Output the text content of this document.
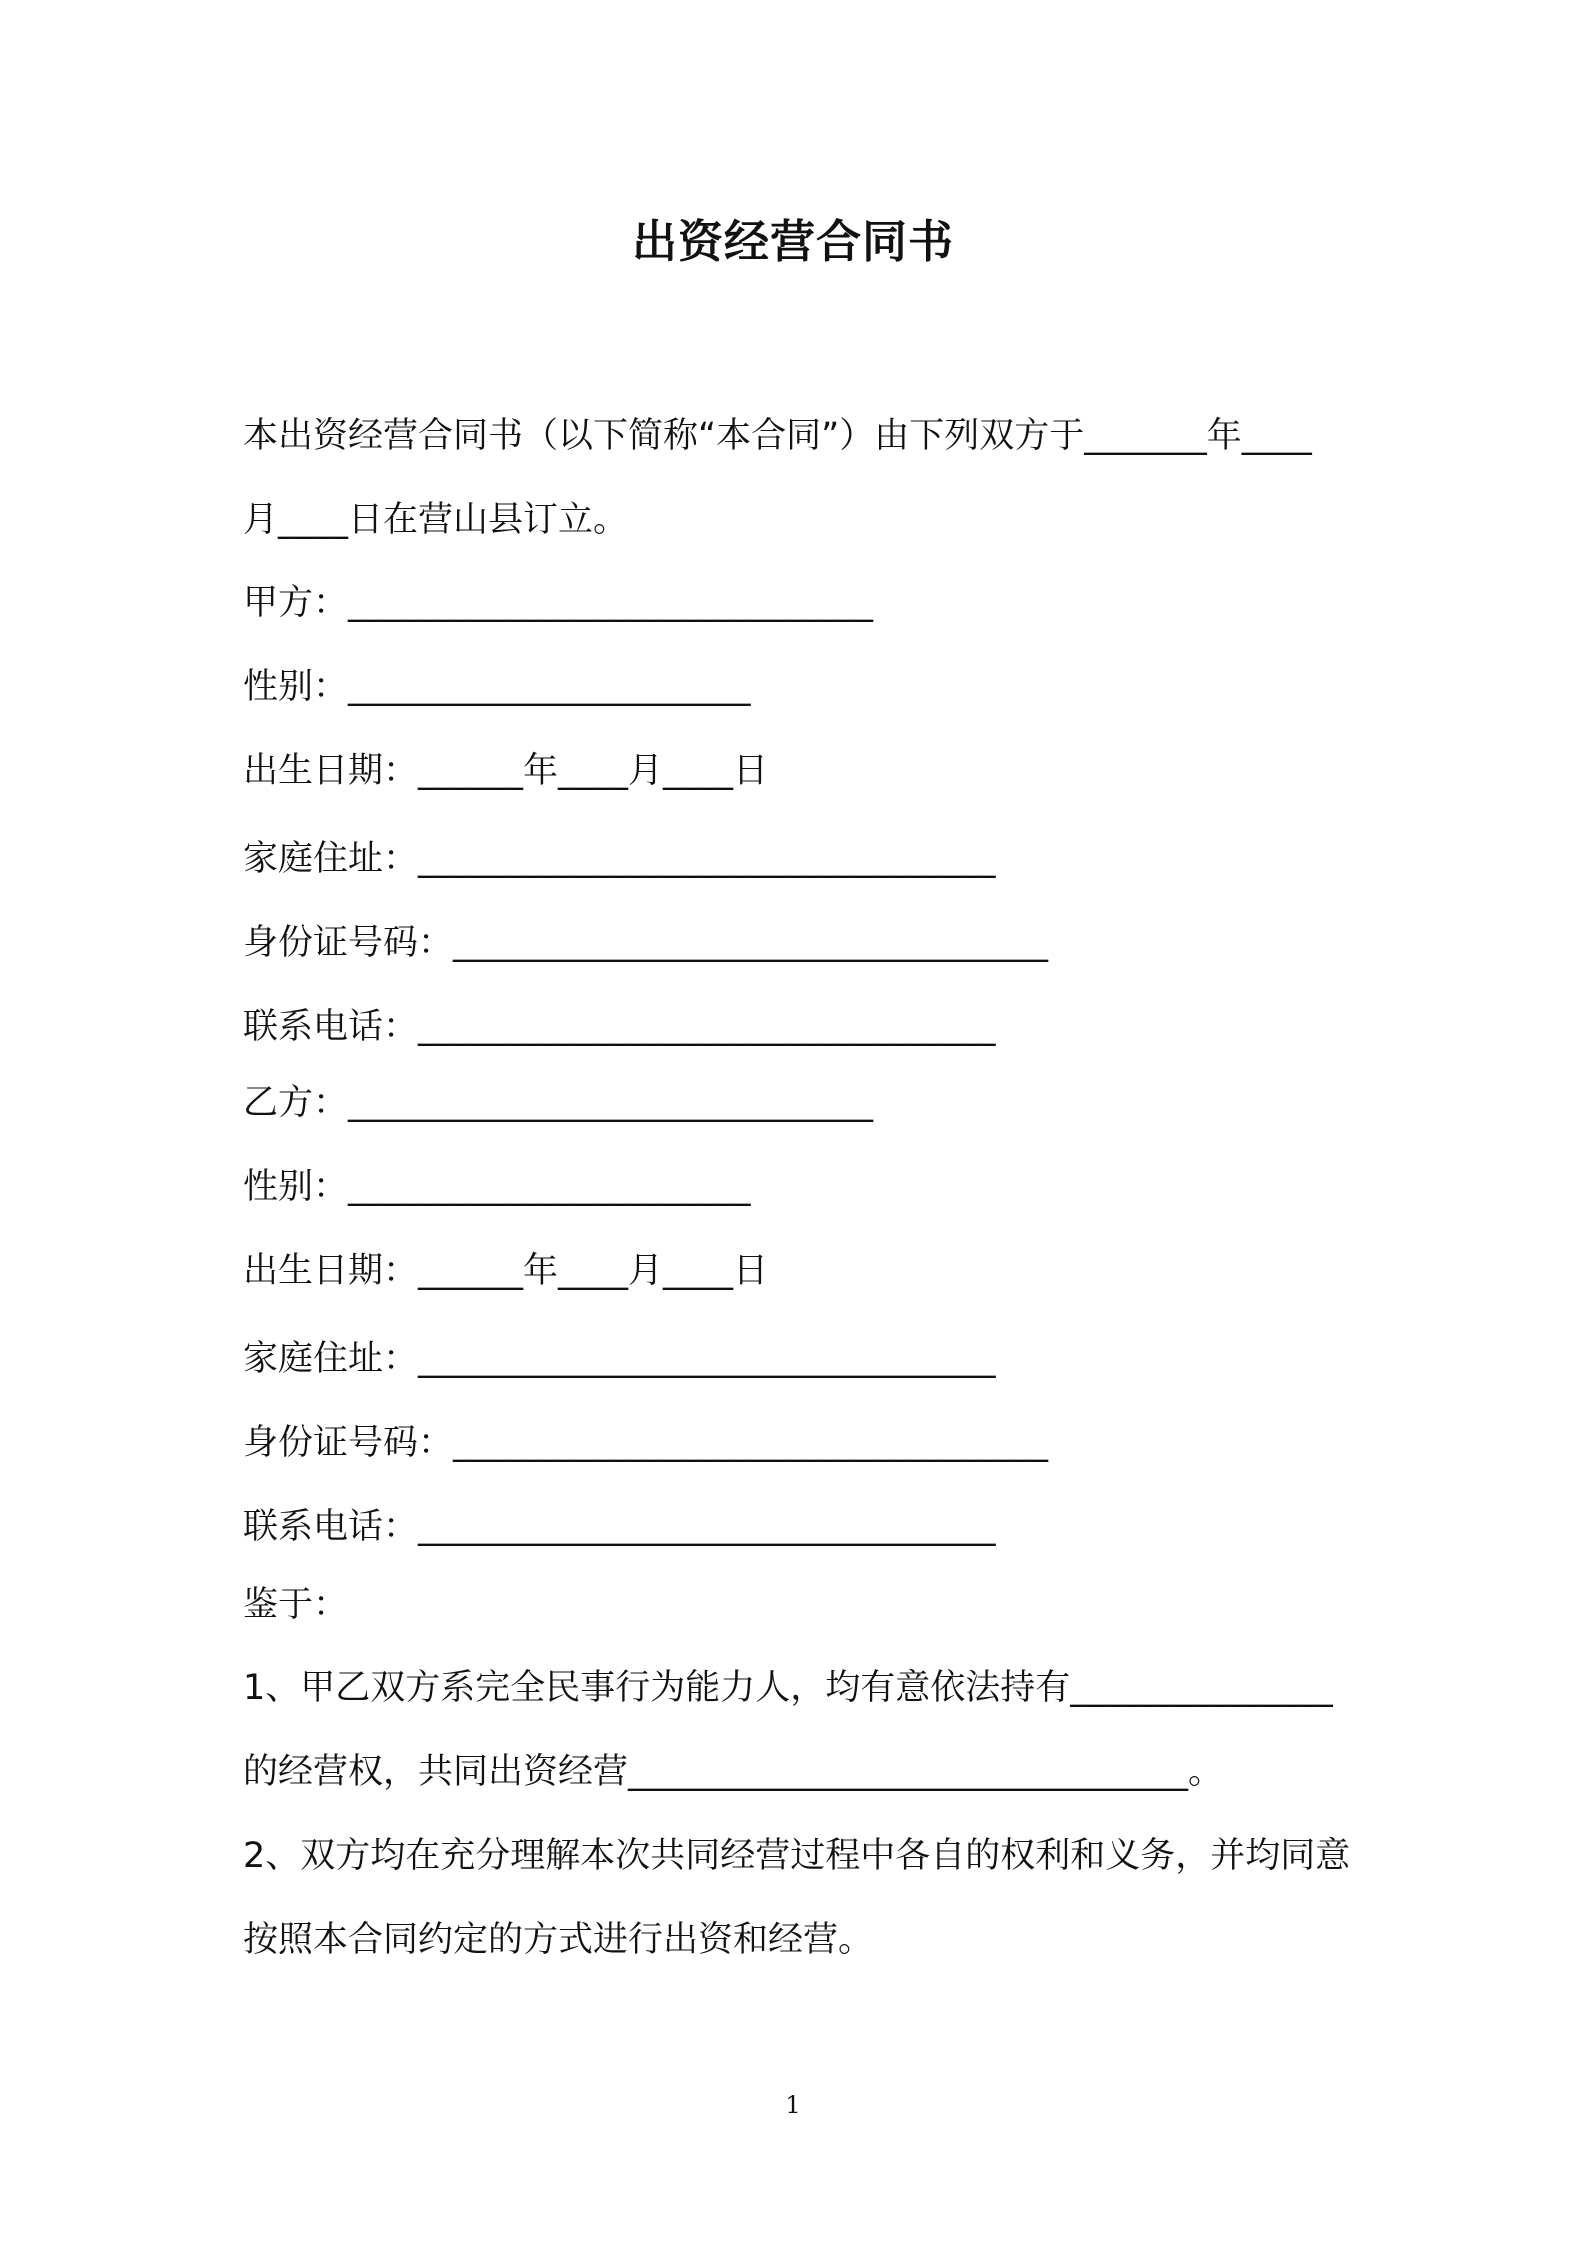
出资经营合同书
本出资经营合同书（以下简称“本合同”）由下列双方于_______年____
月____日在营山县订立。
甲方：______________________________
性别：_______________________
出生日期：______年____月____日
家庭住址：_________________________________
身份证号码：__________________________________
联系电话：_________________________________
乙方：______________________________
性别：_______________________
出生日期：______年____月____日
家庭住址：_________________________________
身份证号码：__________________________________
联系电话：_________________________________
鉴于：
1、甲乙双方系完全民事行为能力人，均有意依法持有_______________
的经营权，共同出资经营________________________________。
2、双方均在充分理解本次共同经营过程中各自的权利和义务，并均同意
按照本合同约定的方式进行出资和经营。
1
